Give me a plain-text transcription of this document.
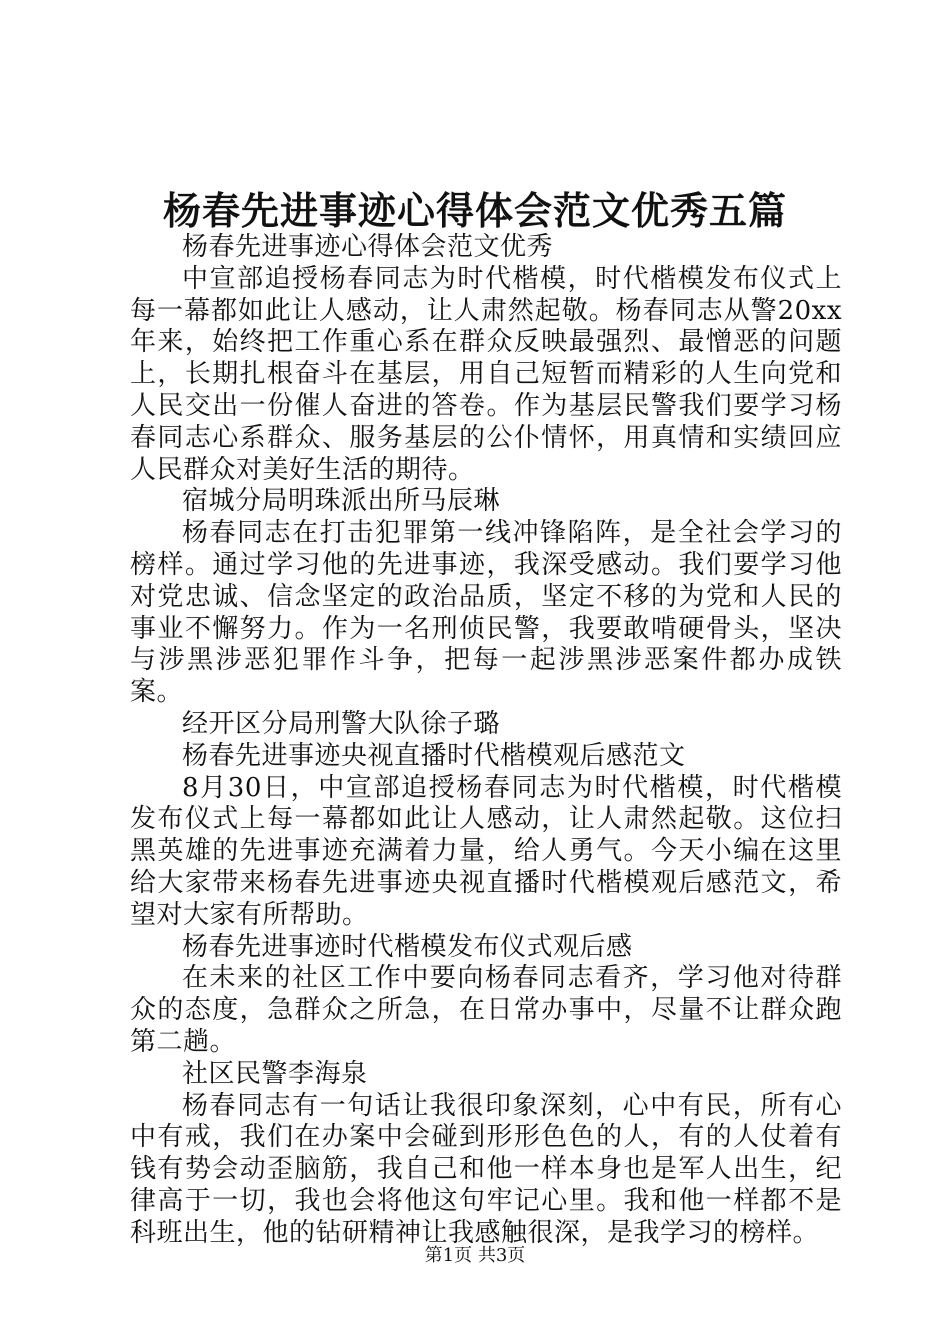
杨春先进事迹心得体会范文优秀五篇

杨春先进事迹心得体会范文优秀

中宣部追授杨春同志为时代楷模，时代楷模发布仪式上每一幕都如此让人感动，让人肃然起敬。杨春同志从警20xx年来，始终把工作重心系在群众反映最强烈、最憎恶的问题上，长期扎根奋斗在基层，用自己短暂而精彩的人生向党和人民交出一份催人奋进的答卷。作为基层民警我们要学习杨春同志心系群众、服务基层的公仆情怀，用真情和实绩回应人民群众对美好生活的期待。

宿城分局明珠派出所马辰琳

杨春同志在打击犯罪第一线冲锋陷阵，是全社会学习的榜样。通过学习他的先进事迹，我深受感动。我们要学习他对党忠诚、信念坚定的政治品质，坚定不移的为党和人民的事业不懈努力。作为一名刑侦民警，我要敢啃硬骨头，坚决与涉黑涉恶犯罪作斗争，把每一起涉黑涉恶案件都办成铁案。

经开区分局刑警大队徐子璐

杨春先进事迹央视直播时代楷模观后感范文

8月30日，中宣部追授杨春同志为时代楷模，时代楷模发布仪式上每一幕都如此让人感动，让人肃然起敬。这位扫黑英雄的先进事迹充满着力量，给人勇气。今天小编在这里给大家带来杨春先进事迹央视直播时代楷模观后感范文，希望对大家有所帮助。

杨春先进事迹时代楷模发布仪式观后感

在未来的社区工作中要向杨春同志看齐，学习他对待群众的态度，急群众之所急，在日常办事中，尽量不让群众跑第二趟。

社区民警李海泉

杨春同志有一句话让我很印象深刻，心中有民，所有心中有戒，我们在办案中会碰到形形色色的人，有的人仗着有钱有势会动歪脑筋，我自己和他一样本身也是军人出生，纪律高于一切，我也会将他这句牢记心里。我和他一样都不是科班出生，他的钻研精神让我感触很深，是我学习的榜样。

第1页 共3页
